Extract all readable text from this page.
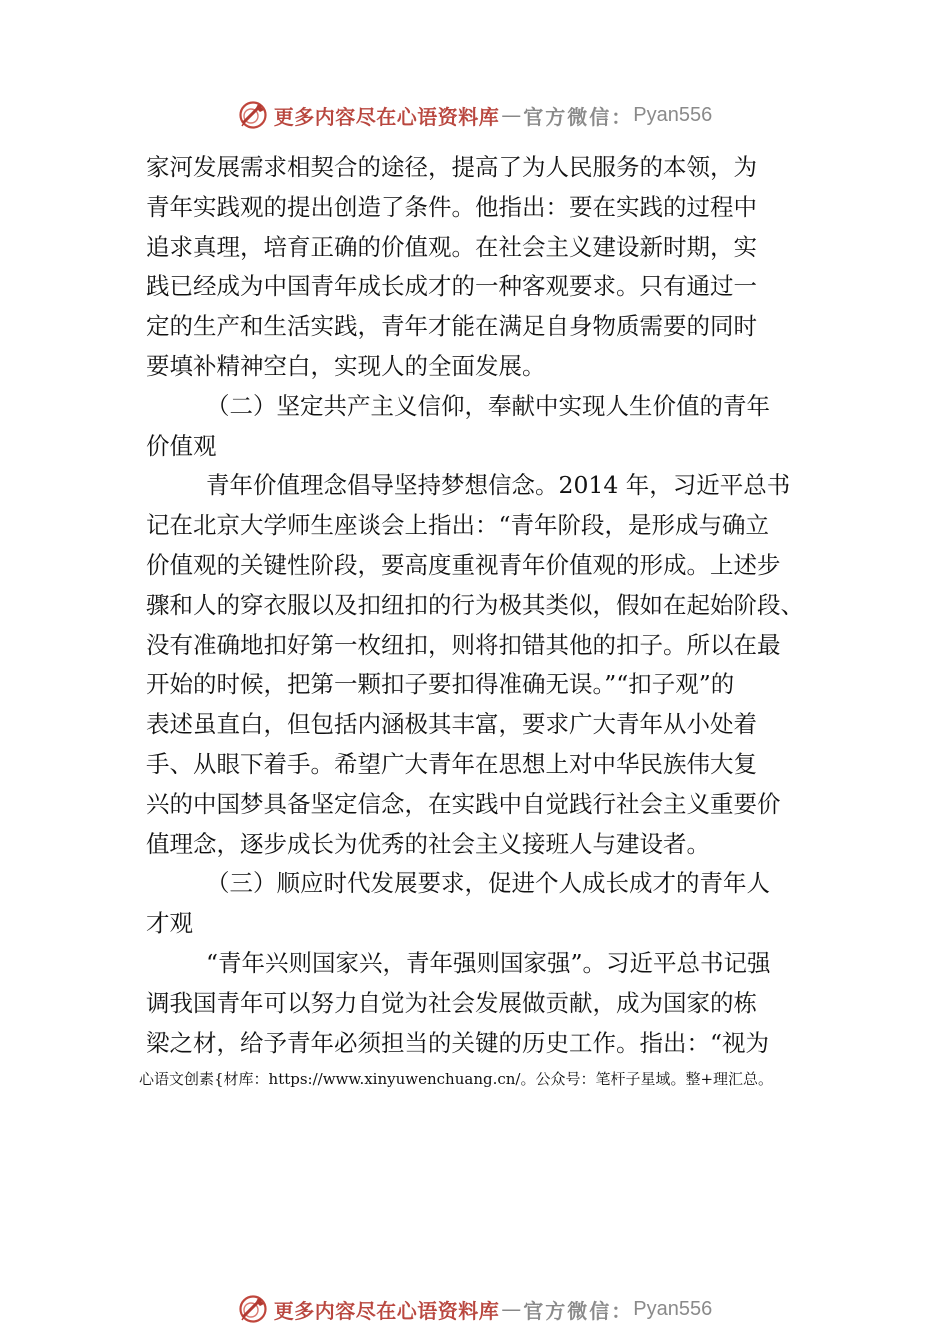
更多内容尽在心语资料库 — 官方微信： Pyan556
家河发展需求相契合的途径，提高了为人民服务的本领，为
青年实践观的提出创造了条件。他指出：要在实践的过程中
追求真理，培育正确的价值观。在社会主义建设新时期，实
践已经成为中国青年成长成才的一种客观要求。只有通过一
定的生产和生活实践，青年才能在满足自身物质需要的同时
要填补精神空白，实现人的全面发展。
（二）坚定共产主义信仰，奉献中实现人生价值的青年
价值观
青年价值理念倡导坚持梦想信念。2014 年，习近平总书
记在北京大学师生座谈会上指出：“青年阶段，是形成与确立
价值观的关键性阶段，要高度重视青年价值观的形成。上述步
骤和人的穿衣服以及扣纽扣的行为极其类似，假如在起始阶段、
没有准确地扣好第一枚纽扣，则将扣错其他的扣子。所以在最
开始的时候，把第一颗扣子要扣得准确无误。”“扣子观”的
表述虽直白，但包括内涵极其丰富，要求广大青年从小处着
手、从眼下着手。希望广大青年在思想上对中华民族伟大复
兴的中国梦具备坚定信念，在实践中自觉践行社会主义重要价
值理念，逐步成长为优秀的社会主义接班人与建设者。
（三）顺应时代发展要求，促进个人成长成才的青年人
才观
“青年兴则国家兴，青年强则国家强”。习近平总书记强
调我国青年可以努力自觉为社会发展做贡献，成为国家的栋
梁之材，给予青年必须担当的关键的历史工作。指出：“视为
心语文创素{材库：https://www.xinyuwenchuang.cn/。公众号：笔杆子星域。整+理汇总。
更多内容尽在心语资料库 — 官方微信： Pyan556
